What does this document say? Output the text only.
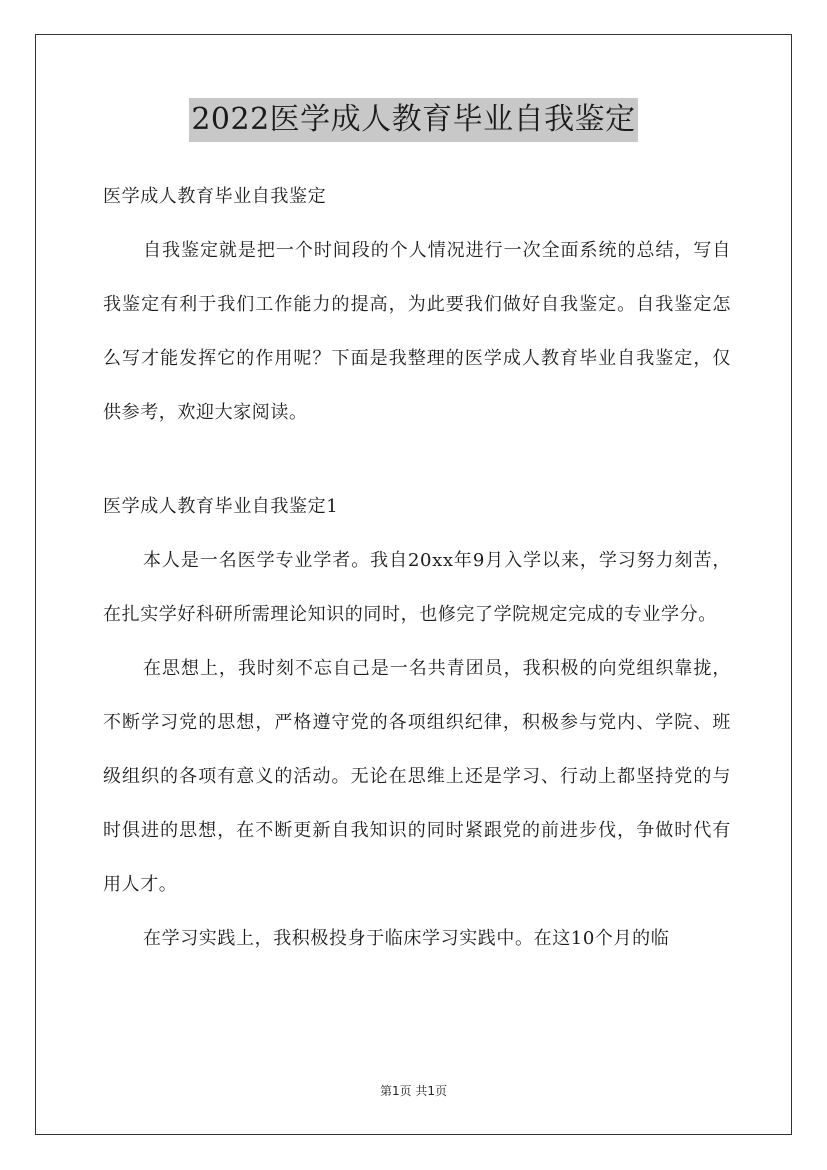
2022医学成人教育毕业自我鉴定

医学成人教育毕业自我鉴定

自我鉴定就是把一个时间段的个人情况进行一次全面系统的总结，写自我鉴定有利于我们工作能力的提高，为此要我们做好自我鉴定。自我鉴定怎么写才能发挥它的作用呢？下面是我整理的医学成人教育毕业自我鉴定，仅供参考，欢迎大家阅读。

医学成人教育毕业自我鉴定1

本人是一名医学专业学者。我自20xx年9月入学以来，学习努力刻苦，在扎实学好科研所需理论知识的同时，也修完了学院规定完成的专业学分。

在思想上，我时刻不忘自己是一名共青团员，我积极的向党组织靠拢，不断学习党的思想，严格遵守党的各项组织纪律，积极参与党内、学院、班级组织的各项有意义的活动。无论在思维上还是学习、行动上都坚持党的与时俱进的思想，在不断更新自我知识的同时紧跟党的前进步伐，争做时代有用人才。

在学习实践上，我积极投身于临床学习实践中。在这10个月的临

第1页 共1页
